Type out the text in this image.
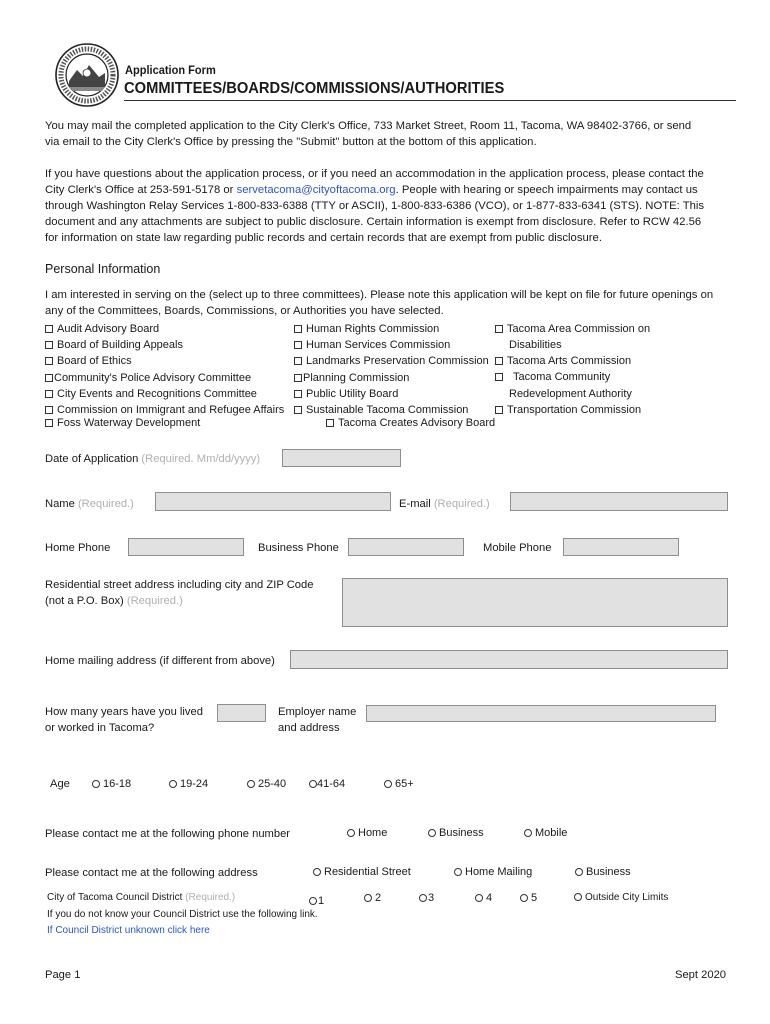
Application Form
COMMITTEES/BOARDS/COMMISSIONS/AUTHORITIES
You may mail the completed application to the City Clerk's Office, 733 Market Street, Room 11, Tacoma, WA 98402-3766, or send
via email to the City Clerk's Office by pressing the "Submit" button at the bottom of this application.
If you have questions about the application process, or if you need an accommodation in the application process, please contact the
City Clerk's Office at 253-591-5178 or servetacoma@cityoftacoma.org. People with hearing or speech impairments may contact us
through Washington Relay Services 1-800-833-6388 (TTY or ASCII), 1-800-833-6386 (VCO), or 1-877-833-6341 (STS). NOTE: This
document and any attachments are subject to public disclosure. Certain information is exempt from disclosure. Refer to RCW 42.56
for information on state law regarding public records and certain records that are exempt from public disclosure.
Personal Information
I am interested in serving on the (select up to three committees). Please note this application will be kept on file for future openings on
any of the Committees, Boards, Commissions, or Authorities you have selected.
Audit Advisory Board
Board of Building Appeals
Board of Ethics
Community's Police Advisory Committee
City Events and Recognitions Committee
Commission on Immigrant and Refugee Affairs
Foss Waterway Development
Human Rights Commission
Human Services Commission
Landmarks Preservation Commission
Planning Commission
Public Utility Board
Sustainable Tacoma Commission
Tacoma Creates Advisory Board
Tacoma Area Commission on
Disabilities
Tacoma Arts Commission
Tacoma Community
Redevelopment Authority
Transportation Commission
Date of Application (Required. Mm/dd/yyyy)
Name (Required.)	E-mail (Required.)
Home Phone	Business Phone	Mobile Phone
Residential street address including city and ZIP Code
(not a P.O. Box) (Required.)
Home mailing address (if different from above)
How many years have you lived
or worked in Tacoma?
Employer name
and address
Age	16-18	19-24	25-40	41-64	65+
Please contact me at the following phone number	Home	Business	Mobile
Please contact me at the following address	Residential Street	Home Mailing	Business
City of Tacoma Council District (Required.)	1	2	3	4	5	Outside City Limits
If you do not know your Council District use the following link.
If Council District unknown click here
Page 1	Sept 2020
